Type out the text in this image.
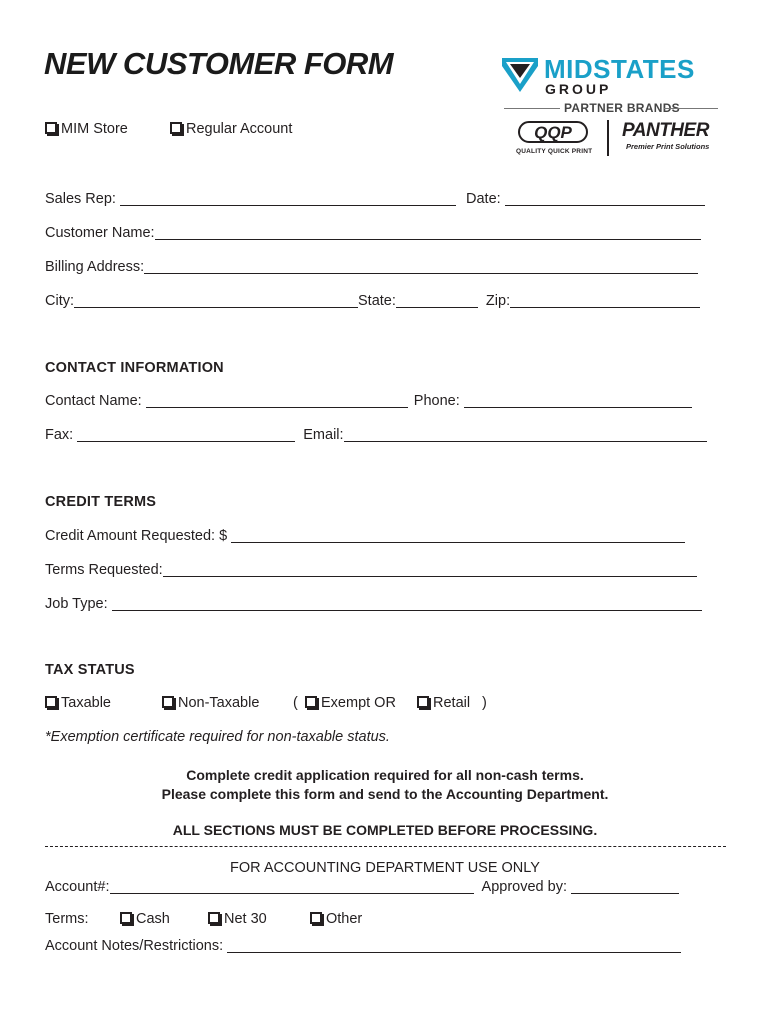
NEW CUSTOMER FORM
MIM Store	Regular Account
MIDSTATES
GROUP
PARTNER BRANDS
QQP
QUALITY QUICK PRINT
PANTHER
Premier Print Solutions
Sales Rep:	Date:
Customer Name:
Billing Address:
City:	State:	Zip:
CONTACT INFORMATION
Contact Name:	Phone:
Fax:	Email:
CREDIT TERMS
Credit Amount Requested: $
Terms Requested:
Job Type:
TAX STATUS
Taxable	Non-Taxable (	Exempt OR	Retail )
*Exemption certificate required for non-taxable status.
Complete credit application required for all non-cash terms.
Please complete this form and send to the Accounting Department.
ALL SECTIONS MUST BE COMPLETED BEFORE PROCESSING.
FOR ACCOUNTING DEPARTMENT USE ONLY
Account#:	Approved by:
Terms:	Cash	Net 30	Other
Account Notes/Restrictions:
